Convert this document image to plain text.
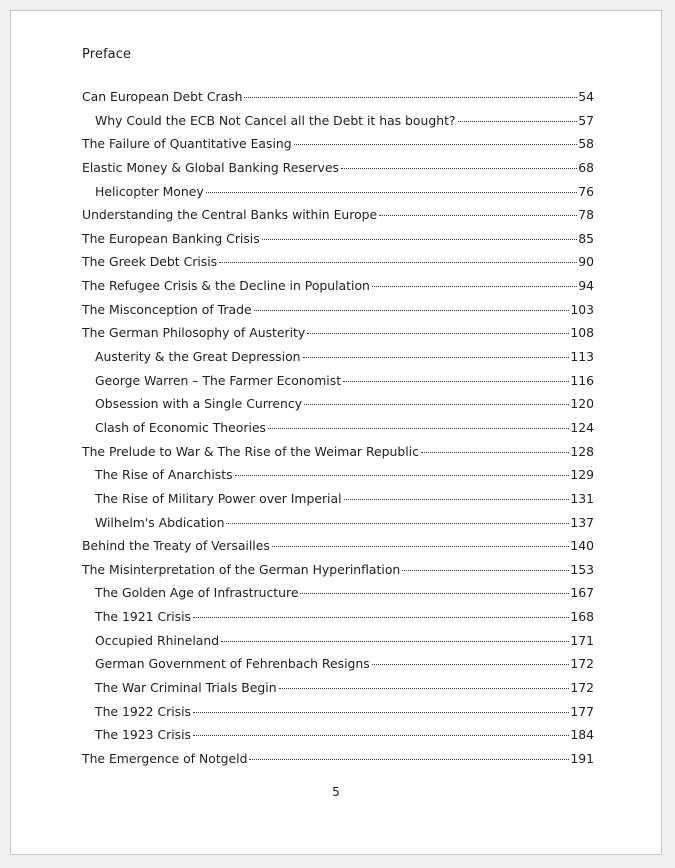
Preface
Can European Debt Crash	54
Why Could the ECB Not Cancel all the Debt it has bought?	57
The Failure of Quantitative Easing	58
Elastic Money & Global Banking Reserves	68
Helicopter Money	76
Understanding the Central Banks within Europe	78
The European Banking Crisis	85
The Greek Debt Crisis	90
The Refugee Crisis & the Decline in Population	94
The Misconception of Trade	103
The German Philosophy of Austerity	108
Austerity & the Great Depression	113
George Warren – The Farmer Economist	116
Obsession with a Single Currency	120
Clash of Economic Theories	124
The Prelude to War & The Rise of the Weimar Republic	128
The Rise of Anarchists	129
The Rise of Military Power over Imperial	131
Wilhelm's Abdication	137
Behind the Treaty of Versailles	140
The Misinterpretation of the German Hyperinflation	153
The Golden Age of Infrastructure	167
The 1921 Crisis	168
Occupied Rhineland	171
German Government of Fehrenbach Resigns	172
The War Criminal Trials Begin	172
The 1922 Crisis	177
The 1923 Crisis	184
The Emergence of Notgeld	191
5
